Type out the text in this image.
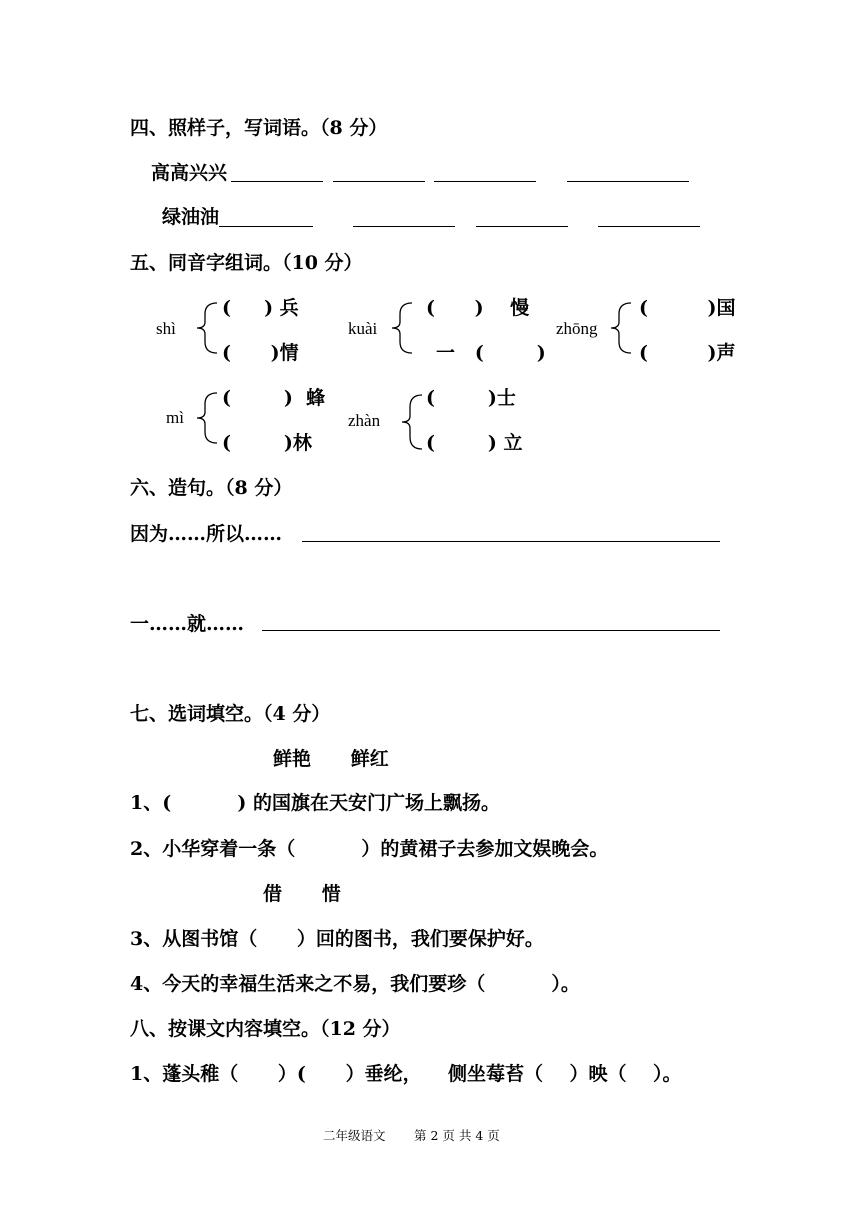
四、照样子，写词语。（8 分）
高高兴兴
绿油油
五、同音字组词。（10 分）
shì
(     ) 兵
(      )情
kuài
(      )    慢
一   (        )
zhōng
(         )国
(         )声
mì
(        )  蜂
(        )林
zhàn
(        )士
(        ) 立
六、造句。（8 分）
因为……所以……
一……就……
七、选词填空。（4 分）
鲜艳      鲜红
1、(          ) 的国旗在天安门广场上飘扬。
2、小华穿着一条（          ）的黄裙子去参加文娱晚会。
借      惜
3、从图书馆（      ）回的图书，我们要保护好。
4、今天的幸福生活来之不易，我们要珍（          ）。
八、按课文内容填空。（12 分）
1、蓬头稚（      ）(      ）垂纶，    侧坐莓苔（    ）映（    ）。
二年级语文 第 2 页 共 4 页
